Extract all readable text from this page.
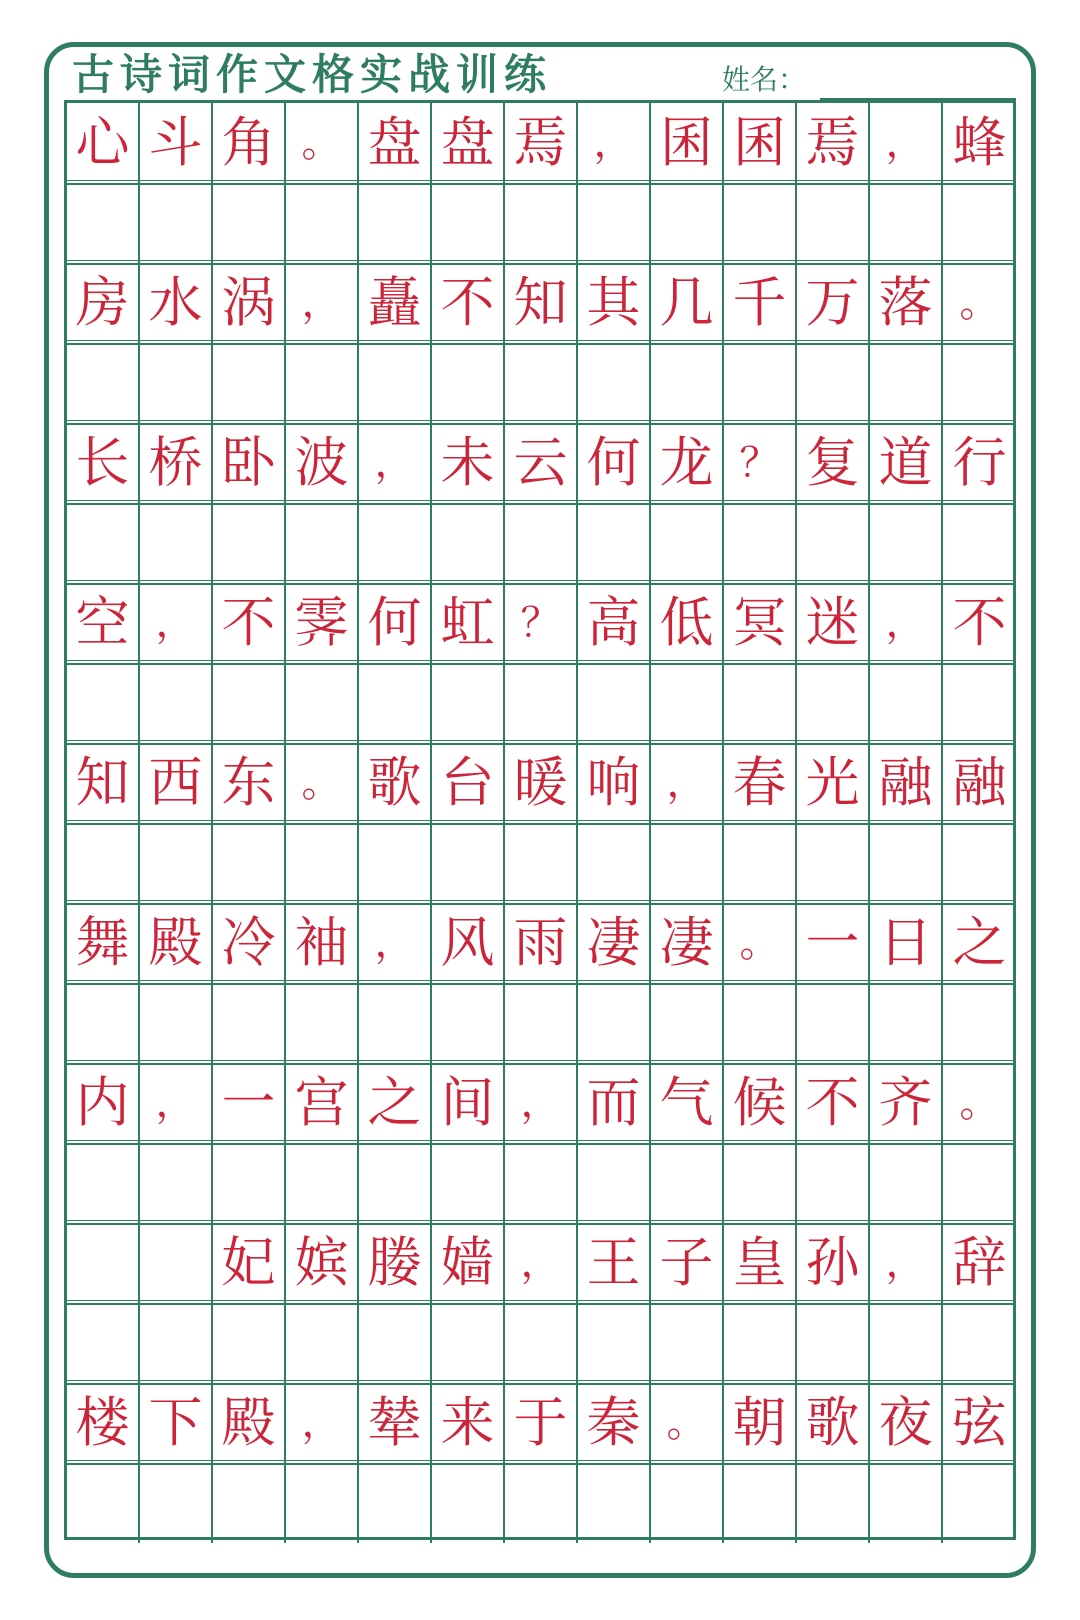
古诗词作文格实战训练	姓名：
心 斗 角 。 盘 盘 焉 ， 囷 囷 焉 ， 蜂
房 水 涡 ， 矗 不 知 其 几 千 万 落 。
长 桥 卧 波 ， 未 云 何 龙 ？ 复 道 行
空 ， 不 霁 何 虹 ？ 高 低 冥 迷 ， 不
知 西 东 。 歌 台 暖 响 ， 春 光 融 融
舞 殿 冷 袖 ， 风 雨 凄 凄 。 一 日 之
内 ， 一 宫 之 间 ， 而 气 候 不 齐 。
妃 嫔 媵 嫱 ， 王 子 皇 孙 ， 辞
楼 下 殿 ， 辇 来 于 秦 。 朝 歌 夜 弦
